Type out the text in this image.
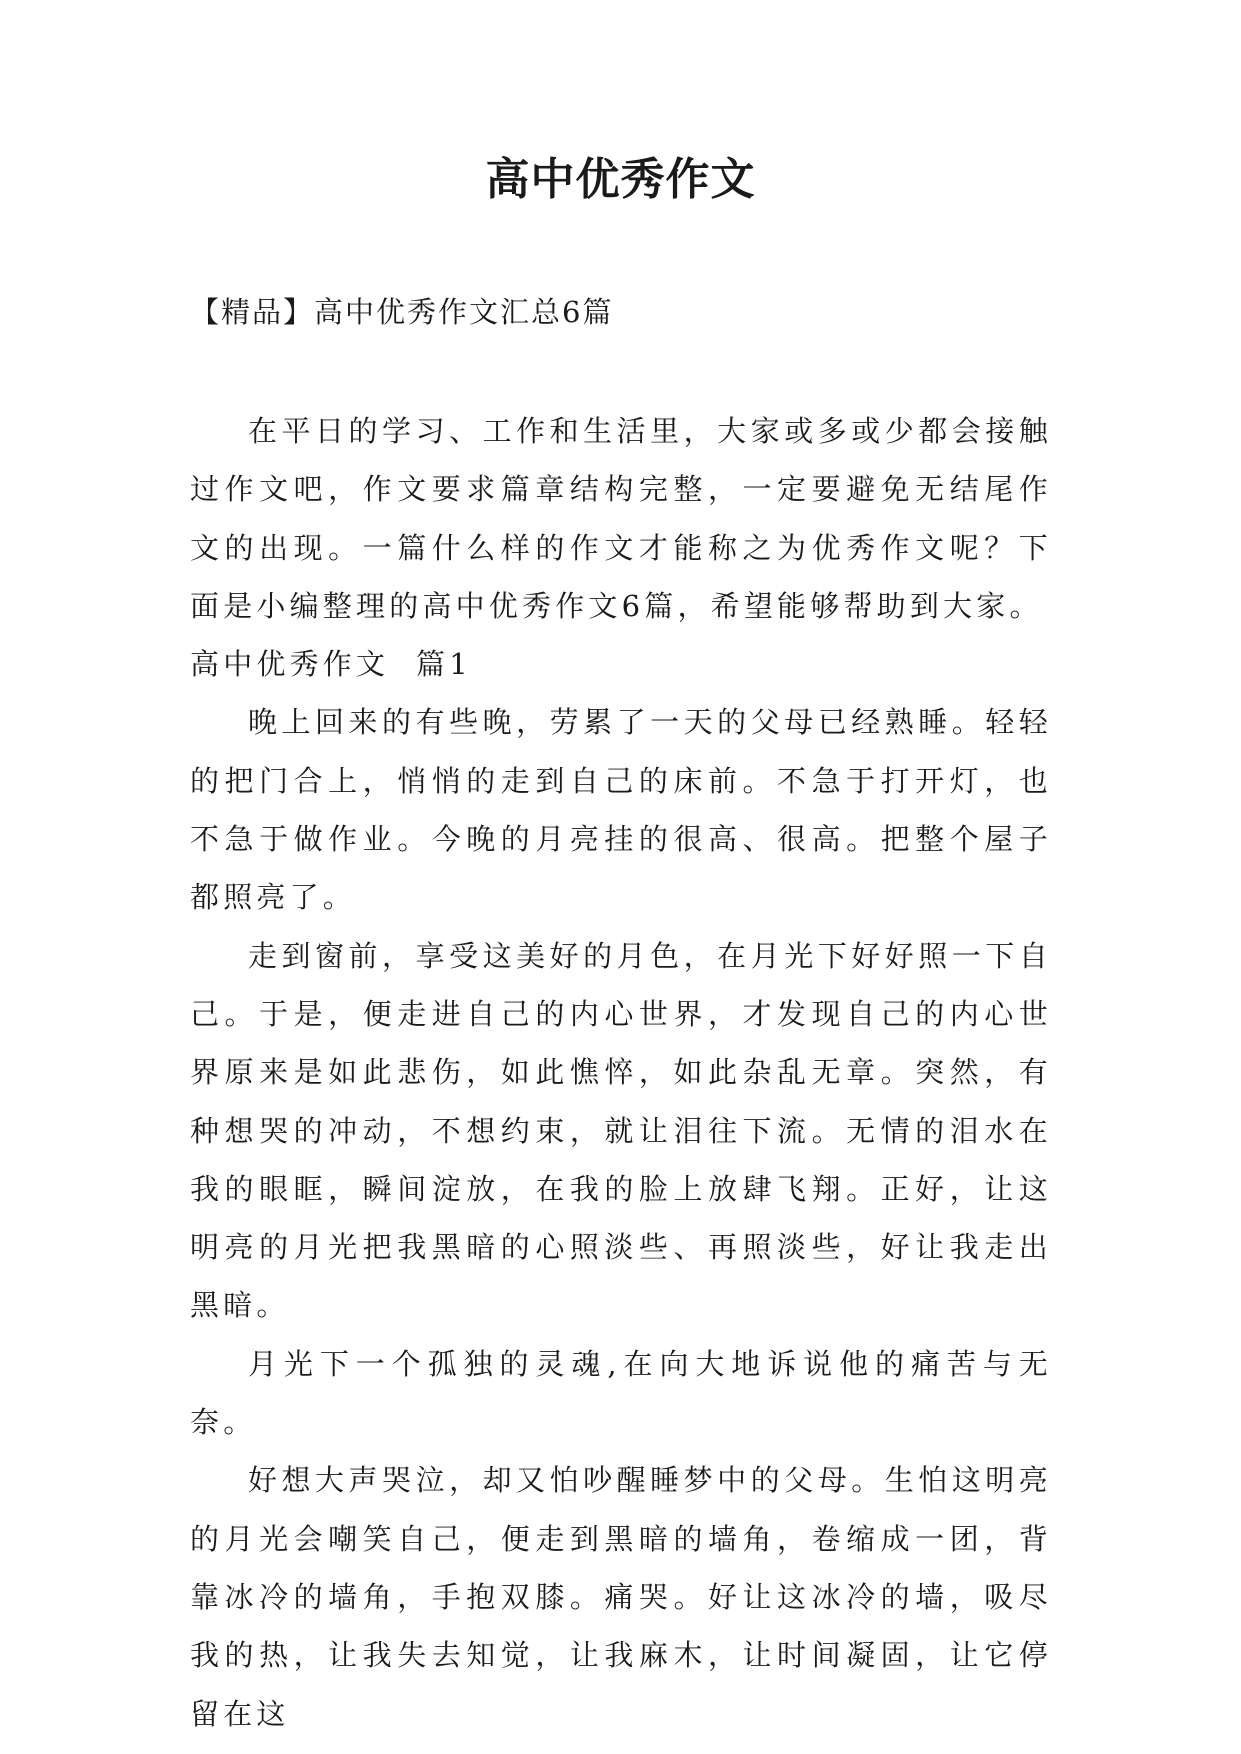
高中优秀作文

【精品】高中优秀作文汇总6篇

在平日的学习、工作和生活里，大家或多或少都会接触过作文吧，作文要求篇章结构完整，一定要避免无结尾作文的出现。一篇什么样的作文才能称之为优秀作文呢？下面是小编整理的高中优秀作文6篇，希望能够帮助到大家。

高中优秀作文  篇1

晚上回来的有些晚，劳累了一天的父母已经熟睡。轻轻的把门合上，悄悄的走到自己的床前。不急于打开灯，也不急于做作业。今晚的月亮挂的很高、很高。把整个屋子都照亮了。

走到窗前，享受这美好的月色，在月光下好好照一下自己。于是，便走进自己的内心世界，才发现自己的内心世界原来是如此悲伤，如此憔悴，如此杂乱无章。突然，有种想哭的冲动，不想约束，就让泪往下流。无情的泪水在我的眼眶，瞬间淀放，在我的脸上放肆飞翔。正好，让这明亮的月光把我黑暗的心照淡些、再照淡些，好让我走出黑暗。

月光下一个孤独的灵魂,在向大地诉说他的痛苦与无奈。

好想大声哭泣，却又怕吵醒睡梦中的父母。生怕这明亮的月光会嘲笑自己，便走到黑暗的墙角，卷缩成一团，背靠冰冷的墙角，手抱双膝。痛哭。好让这冰冷的墙，吸尽我的热，让我失去知觉，让我麻木，让时间凝固，让它停留在这
